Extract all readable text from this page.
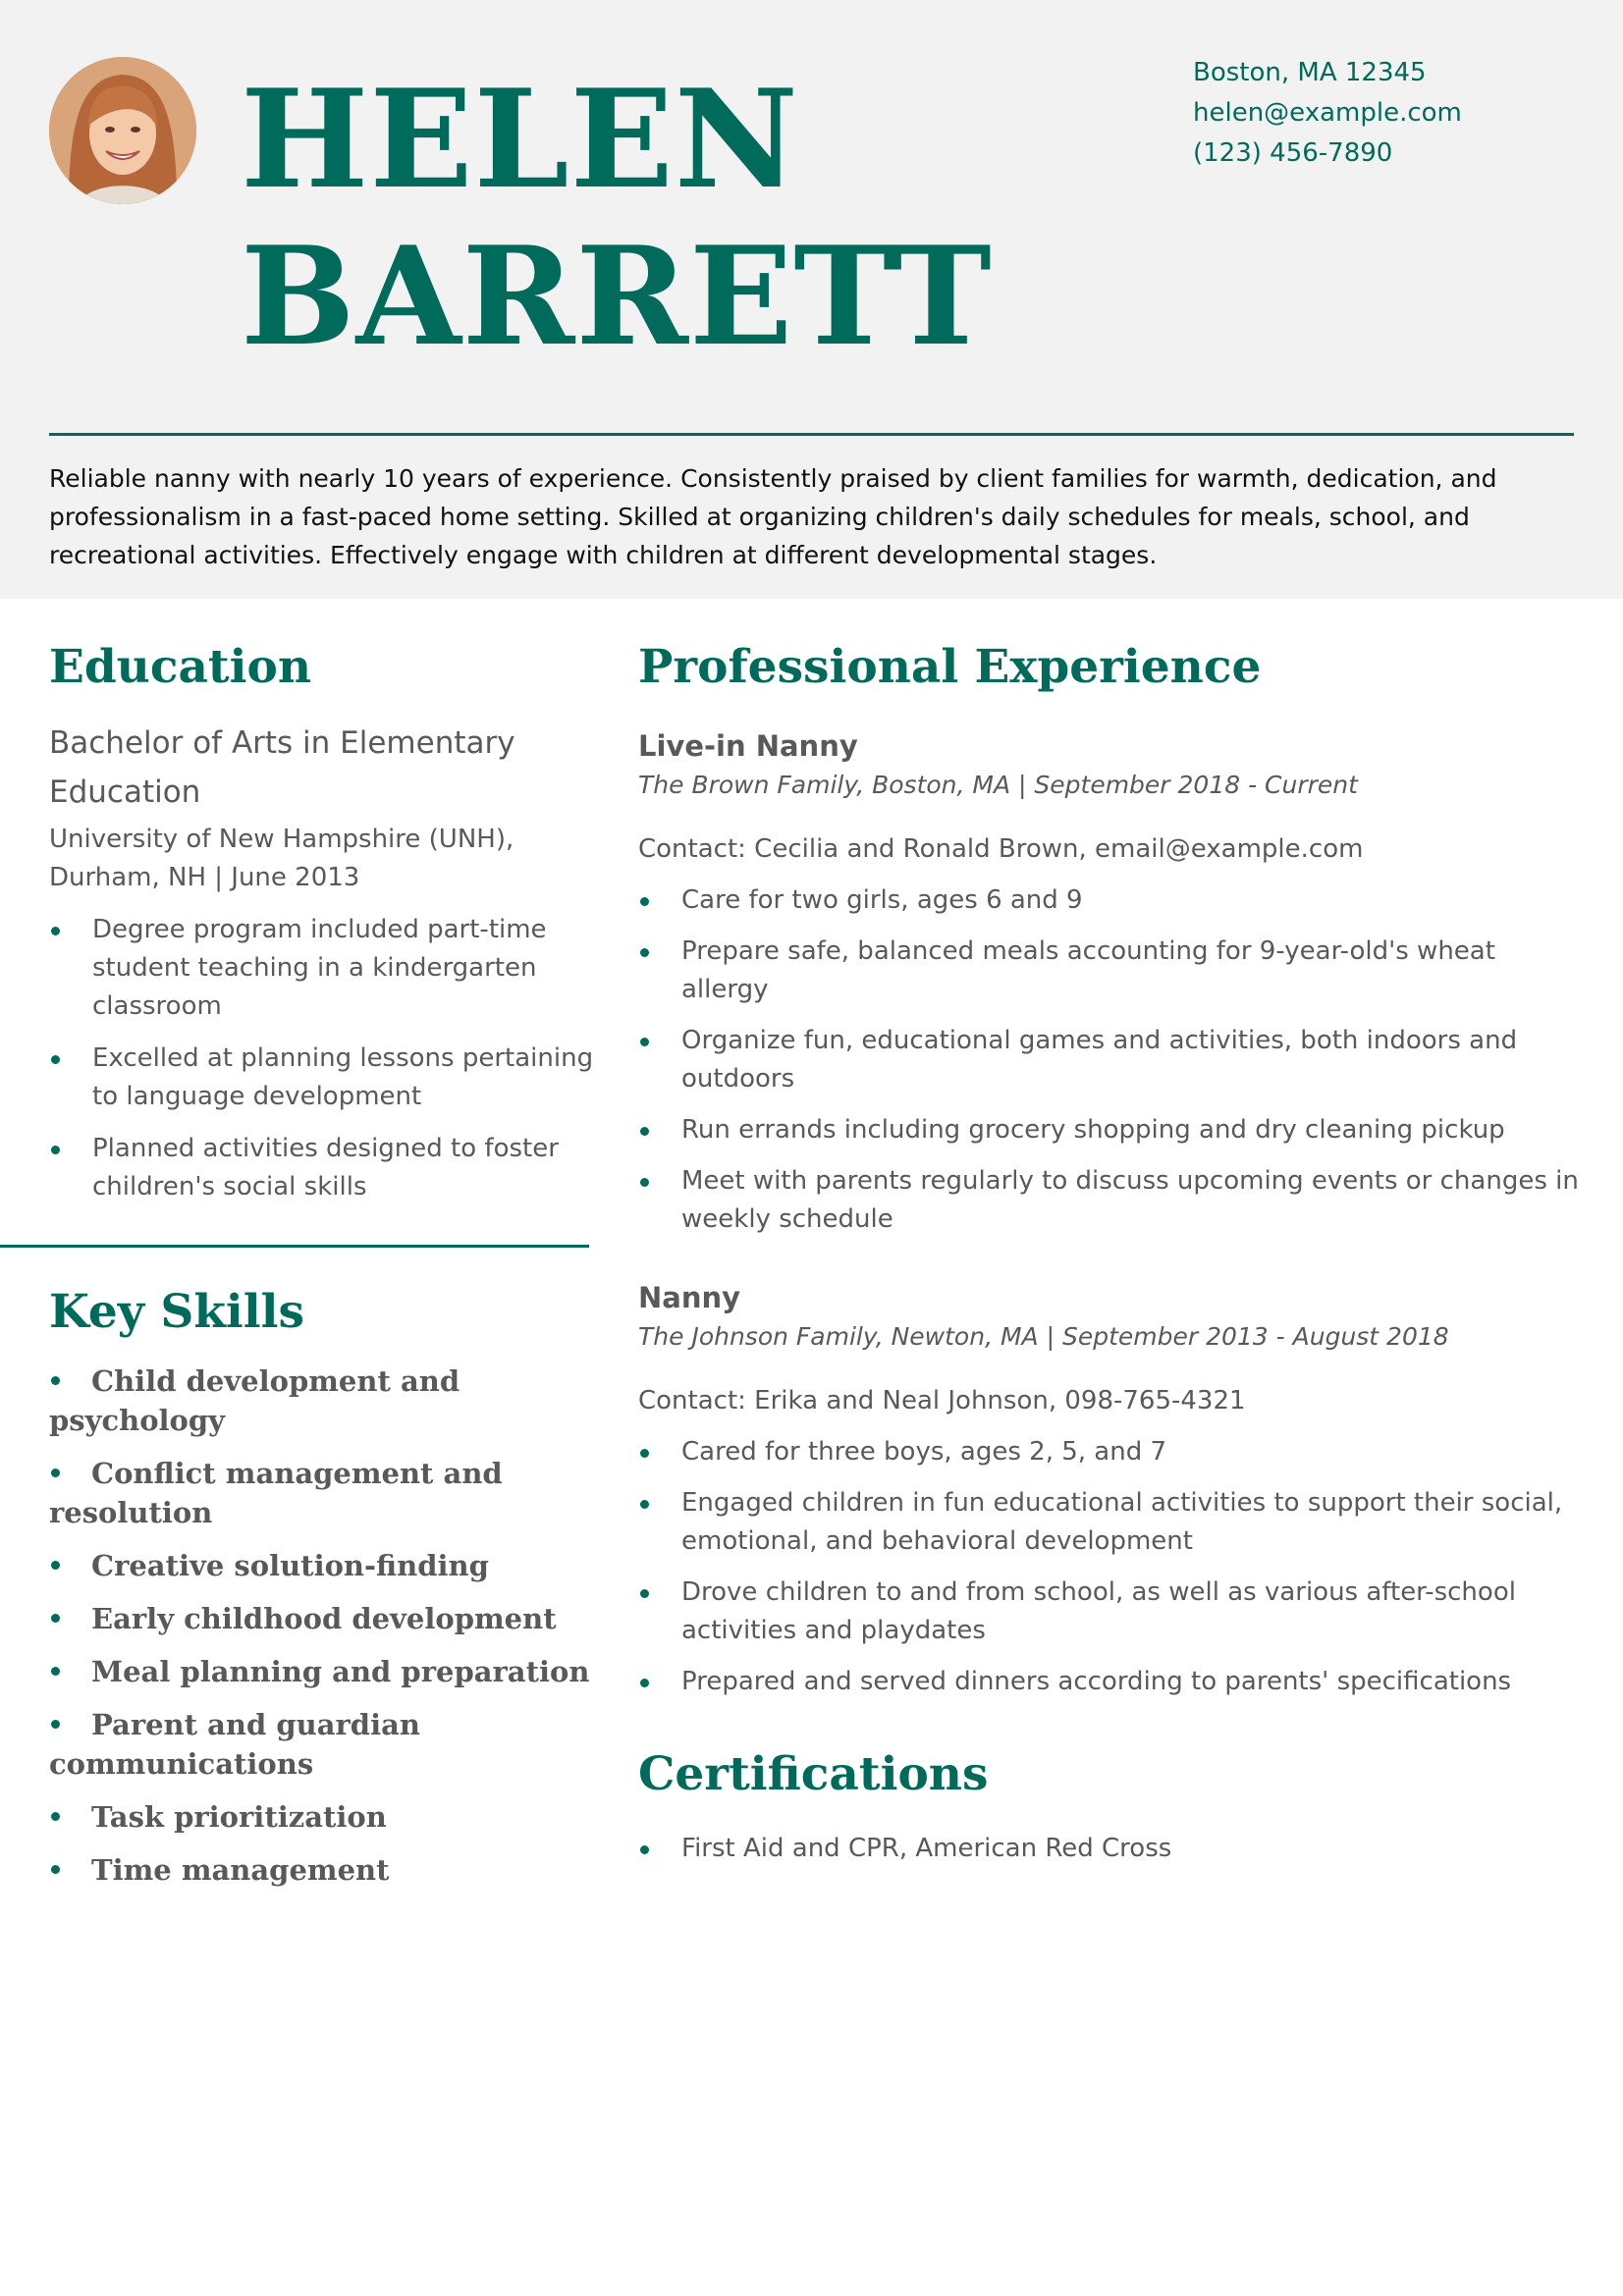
HELEN
BARRETT
Boston, MA 12345
helen@example.com
(123) 456-7890
Reliable nanny with nearly 10 years of experience. Consistently praised by client families for warmth, dedication, and professionalism in a fast-paced home setting. Skilled at organizing children's daily schedules for meals, school, and recreational activities. Effectively engage with children at different developmental stages.
Education
Bachelor of Arts in Elementary Education
University of New Hampshire (UNH), Durham, NH | June 2013
Degree program included part-time student teaching in a kindergarten classroom
Excelled at planning lessons pertaining to language development
Planned activities designed to foster children's social skills
Key Skills
Child development and psychology
Conflict management and resolution
Creative solution-finding
Early childhood development
Meal planning and preparation
Parent and guardian communications
Task prioritization
Time management
Professional Experience
Live-in Nanny
The Brown Family, Boston, MA | September 2018 - Current
Contact: Cecilia and Ronald Brown, email@example.com
Care for two girls, ages 6 and 9
Prepare safe, balanced meals accounting for 9-year-old's wheat allergy
Organize fun, educational games and activities, both indoors and outdoors
Run errands including grocery shopping and dry cleaning pickup
Meet with parents regularly to discuss upcoming events or changes in weekly schedule
Nanny
The Johnson Family, Newton, MA | September 2013 - August 2018
Contact: Erika and Neal Johnson, 098-765-4321
Cared for three boys, ages 2, 5, and 7
Engaged children in fun educational activities to support their social, emotional, and behavioral development
Drove children to and from school, as well as various after-school activities and playdates
Prepared and served dinners according to parents' specifications
Certifications
First Aid and CPR, American Red Cross
